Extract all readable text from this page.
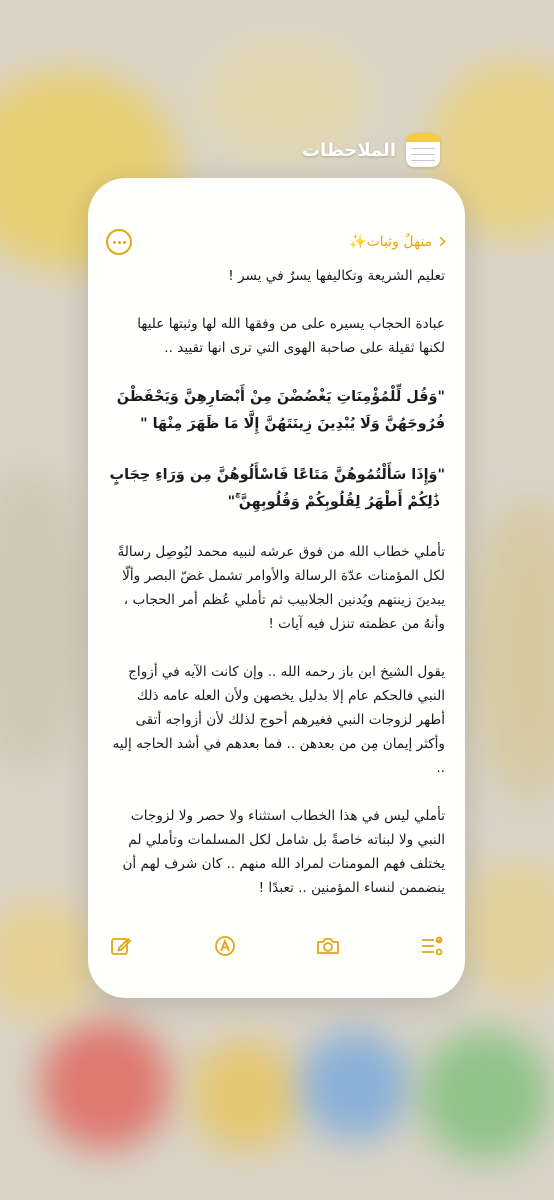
الملاحظات
‹
منهلٌ وثبات✨

تعليم الشريعة وتكاليفها يسرٌ في يسر !

عبادة الحجاب يسيره على من وفقها الله لها وثبتها عليها لكنها ثقيلة على صاحبة الهوى التي ترى انها تقييد ..

"وَقُل لِّلْمُؤْمِنَاتِ يَغْضُضْنَ مِنْ أَبْصَارِهِنَّ وَيَحْفَظْنَ فُرُوجَهُنَّ وَلَا يُبْدِينَ زِينَتَهُنَّ إِلَّا مَا ظَهَرَ مِنْهَا "

"وَإِذَا سَأَلْتُمُوهُنَّ مَتَاعًا فَاسْأَلُوهُنَّ مِن وَرَاءِ حِجَابٍ ۚ ذَٰلِكُمْ أَطْهَرُ لِقُلُوبِكُمْ وَقُلُوبِهِنَّ ۚ"

تأملي خطاب الله من فوق عرشه لنبيه محمد ليُوصِل رسالةً لكل المؤمنات عدّة الرسالة والأوامر تشمل غضّ البصر وألّا يبدينَ زينتهم ويُدنين الجلابيب ثم تأملي عُظم أمر الحجاب ، وأنهُ من عظمته تنزل فيه آيات !

يقول الشيخ ابن باز رحمه الله .. وإن كانت الآيه في أزواج النبي فالحكم عام إلا بدليل يخصهن ولأن العله عامه ذلك أطهر لزوجات النبي فغيرهم أحوج لذلك لأن أزواجه أتقى وأكثر إيمان مِن من بعدهن .. فما بعدهم في أشد الحاجه إليه ..

تأملي ليس في هذا الخطاب استثناء ولا حصر ولا لزوجات النبي ولا لبناته خاصةً بل شامل لكل المسلمات وتأملي لم يختلف فهم المومنات لمراد الله منهم .. كان شرف لهم أن ينضممن لنساء المؤمنين .. تعبدًا !
